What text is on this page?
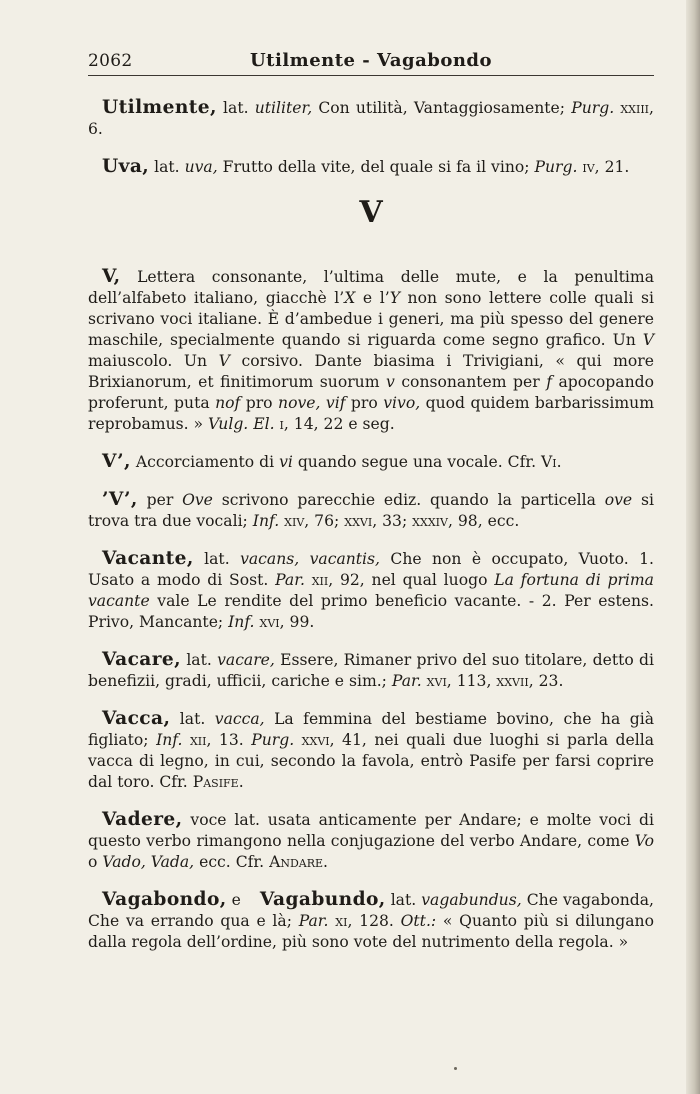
2062	Utilmente - Vagabondo

Utilmente, lat. utiliter, Con utilità, Vantaggiosamente; Purg. xxiii, 6.

Uva, lat. uva, Frutto della vite, del quale si fa il vino; Purg. iv, 21.

V

V, Lettera consonante, l’ultima delle mute, e la penultima dell’alfabeto italiano, giacchè l’X e l’Y non sono lettere colle quali si scrivano voci italiane. È d’ambedue i generi, ma più spesso del genere maschile, specialmente quando si riguarda come segno grafico. Un V maiuscolo. Un V corsivo. Dante biasima i Trivigiani, « qui more Brixianorum, et finitimorum suorum v consonantem per f apocopando proferunt, puta nof pro nove, vif pro vivo, quod quidem barbarissimum reprobamus. » Vulg. El. i, 14, 22 e seg.

V’, Accorciamento di vi quando segue una vocale. Cfr. Vi.

’V’, per Ove scrivono parecchie ediz. quando la particella ove si trova tra due vocali; Inf. xiv, 76; xxvi, 33; xxxiv, 98, ecc.

Vacante, lat. vacans, vacantis, Che non è occupato, Vuoto. 1. Usato a modo di Sost. Par. xii, 92, nel qual luogo La fortuna di prima vacante vale Le rendite del primo beneficio vacante. - 2. Per estens. Privo, Mancante; Inf. xvi, 99.

Vacare, lat. vacare, Essere, Rimaner privo del suo titolare, detto di benefizii, gradi, ufficii, cariche e sim.; Par. xvi, 113, xxvii, 23.

Vacca, lat. vacca, La femmina del bestiame bovino, che ha già figliato; Inf. xii, 13. Purg. xxvi, 41, nei quali due luoghi si parla della vacca di legno, in cui, secondo la favola, entrò Pasife per farsi coprire dal toro. Cfr. Pasife.

Vadere, voce lat. usata anticamente per Andare; e molte voci di questo verbo rimangono nella conjugazione del verbo Andare, come Vo o Vado, Vada, ecc. Cfr. Andare.

Vagabondo, e Vagabundo, lat. vagabundus, Che vagabonda, Che va errando qua e là; Par. xi, 128. Ott.: « Quanto più si dilungano dalla regola dell’ordine, più sono vote del nutrimento della regola. »
